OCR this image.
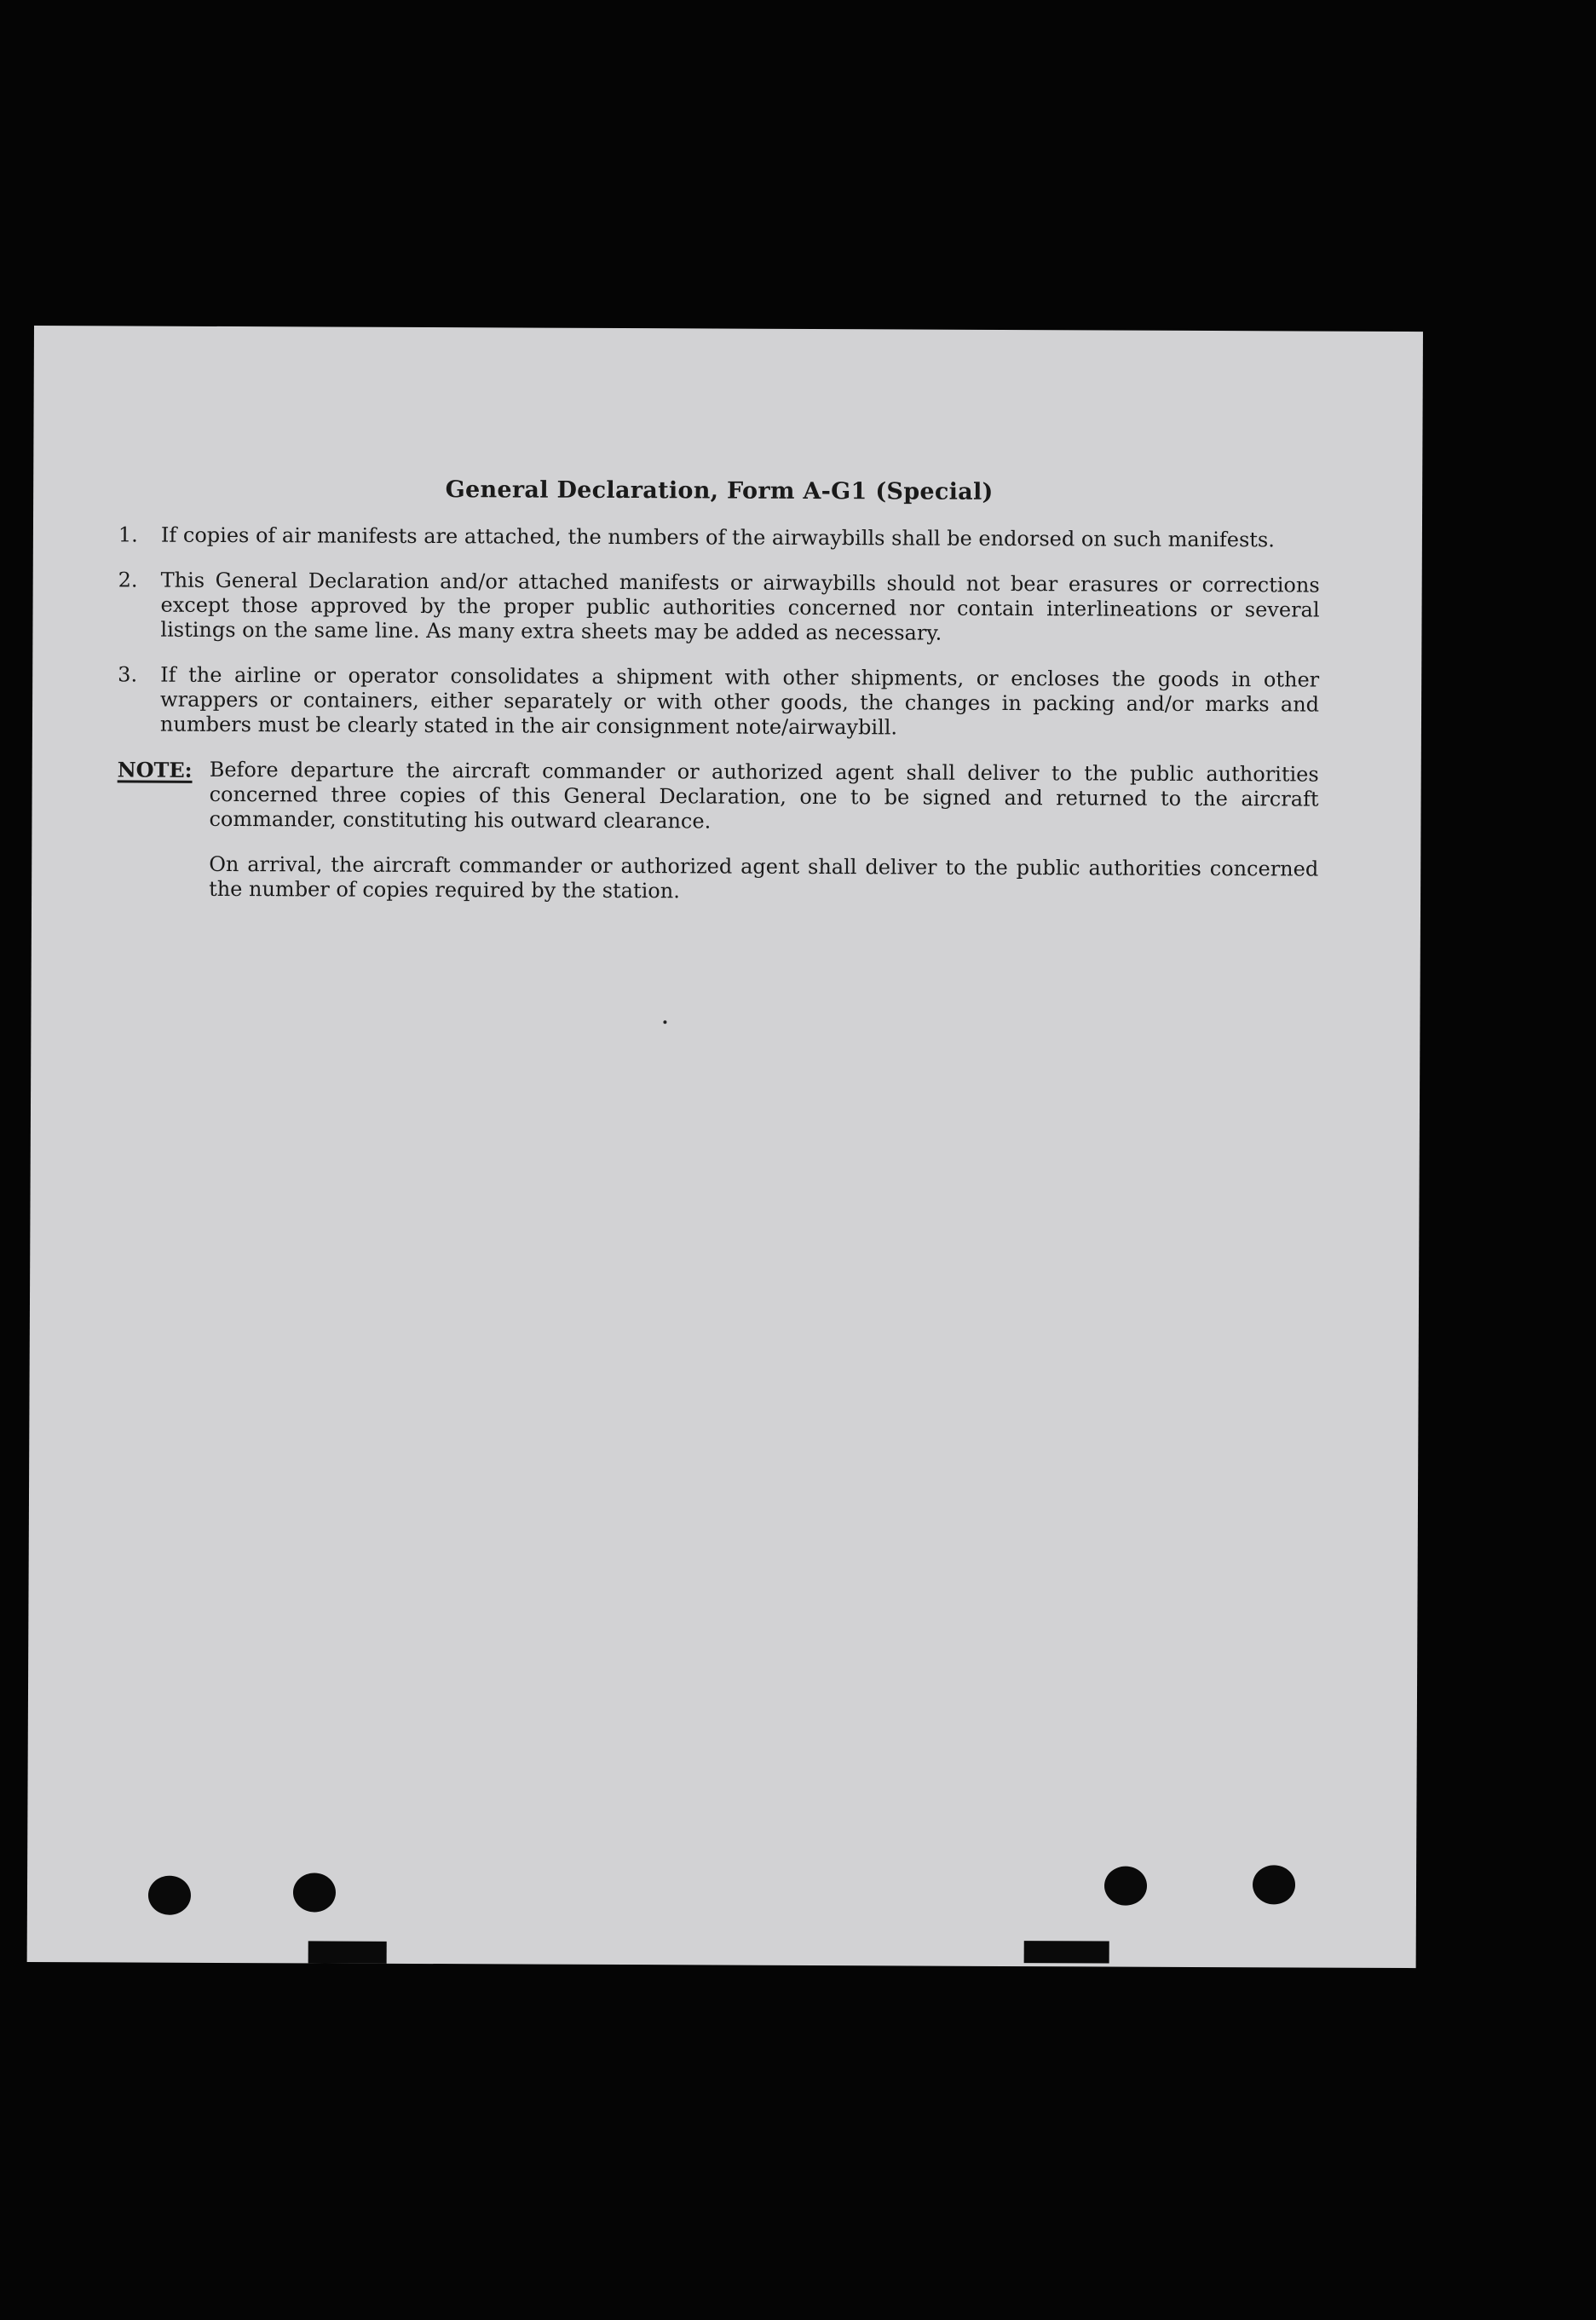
General Declaration, Form A-G1 (Special)
1.	If copies of air manifests are attached, the numbers of the airwaybills shall be endorsed on such manifests.
2.	This General Declaration and/or attached manifests or airwaybills should not bear erasures or corrections except those approved by the proper public authorities concerned nor contain interlineations or several listings on the same line. As many extra sheets may be added as necessary.
3.	If the airline or operator consolidates a shipment with other shipments, or encloses the goods in other wrappers or containers, either separately or with other goods, the changes in packing and/or marks and numbers must be clearly stated in the air consignment note/airwaybill.
NOTE: Before departure the aircraft commander or authorized agent shall deliver to the public authorities concerned three copies of this General Declaration, one to be signed and returned to the aircraft commander, constituting his outward clearance.

On arrival, the aircraft commander or authorized agent shall deliver to the public authorities concerned the number of copies required by the station.
